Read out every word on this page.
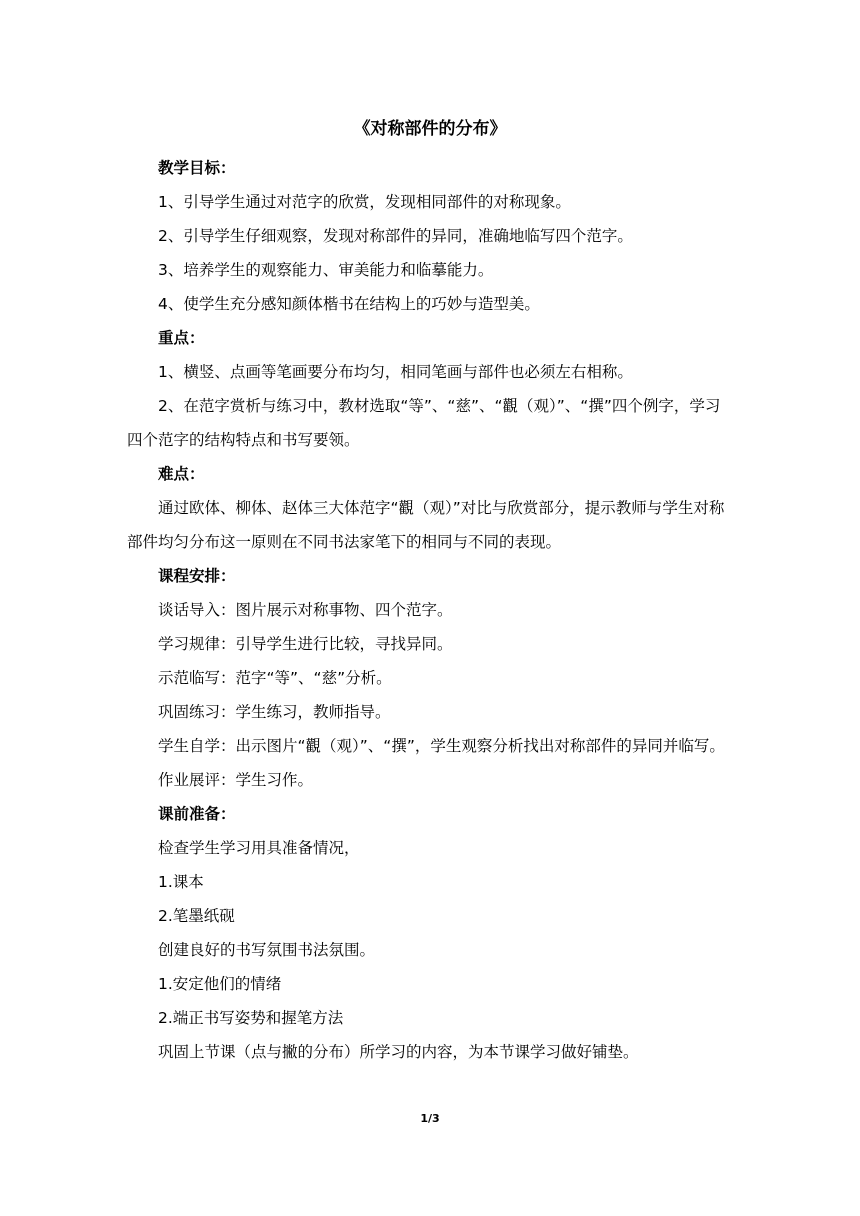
《对称部件的分布》

教学目标：

1、引导学生通过对范字的欣赏，发现相同部件的对称现象。

2、引导学生仔细观察，发现对称部件的异同，准确地临写四个范字。

3、培养学生的观察能力、审美能力和临摹能力。

4、使学生充分感知颜体楷书在结构上的巧妙与造型美。

重点：

1、横竖、点画等笔画要分布均匀，相同笔画与部件也必须左右相称。

2、在范字赏析与练习中，教材选取“等”、“慈”、“觀（观）”、“撰”四个例字，学习四个范字的结构特点和书写要领。

难点：

通过欧体、柳体、赵体三大体范字“觀（观）”对比与欣赏部分，提示教师与学生对称部件均匀分布这一原则在不同书法家笔下的相同与不同的表现。

课程安排：

谈话导入：图片展示对称事物、四个范字。

学习规律：引导学生进行比较，寻找异同。

示范临写：范字“等”、“慈”分析。

巩固练习：学生练习，教师指导。

学生自学：出示图片“觀（观）”、“撰”，学生观察分析找出对称部件的异同并临写。

作业展评：学生习作。

课前准备：

检查学生学习用具准备情况，

1.课本

2.笔墨纸砚

创建良好的书写氛围书法氛围。

1.安定他们的情绪

2.端正书写姿势和握笔方法

巩固上节课（点与撇的分布）所学习的内容，为本节课学习做好铺垫。

1/3
